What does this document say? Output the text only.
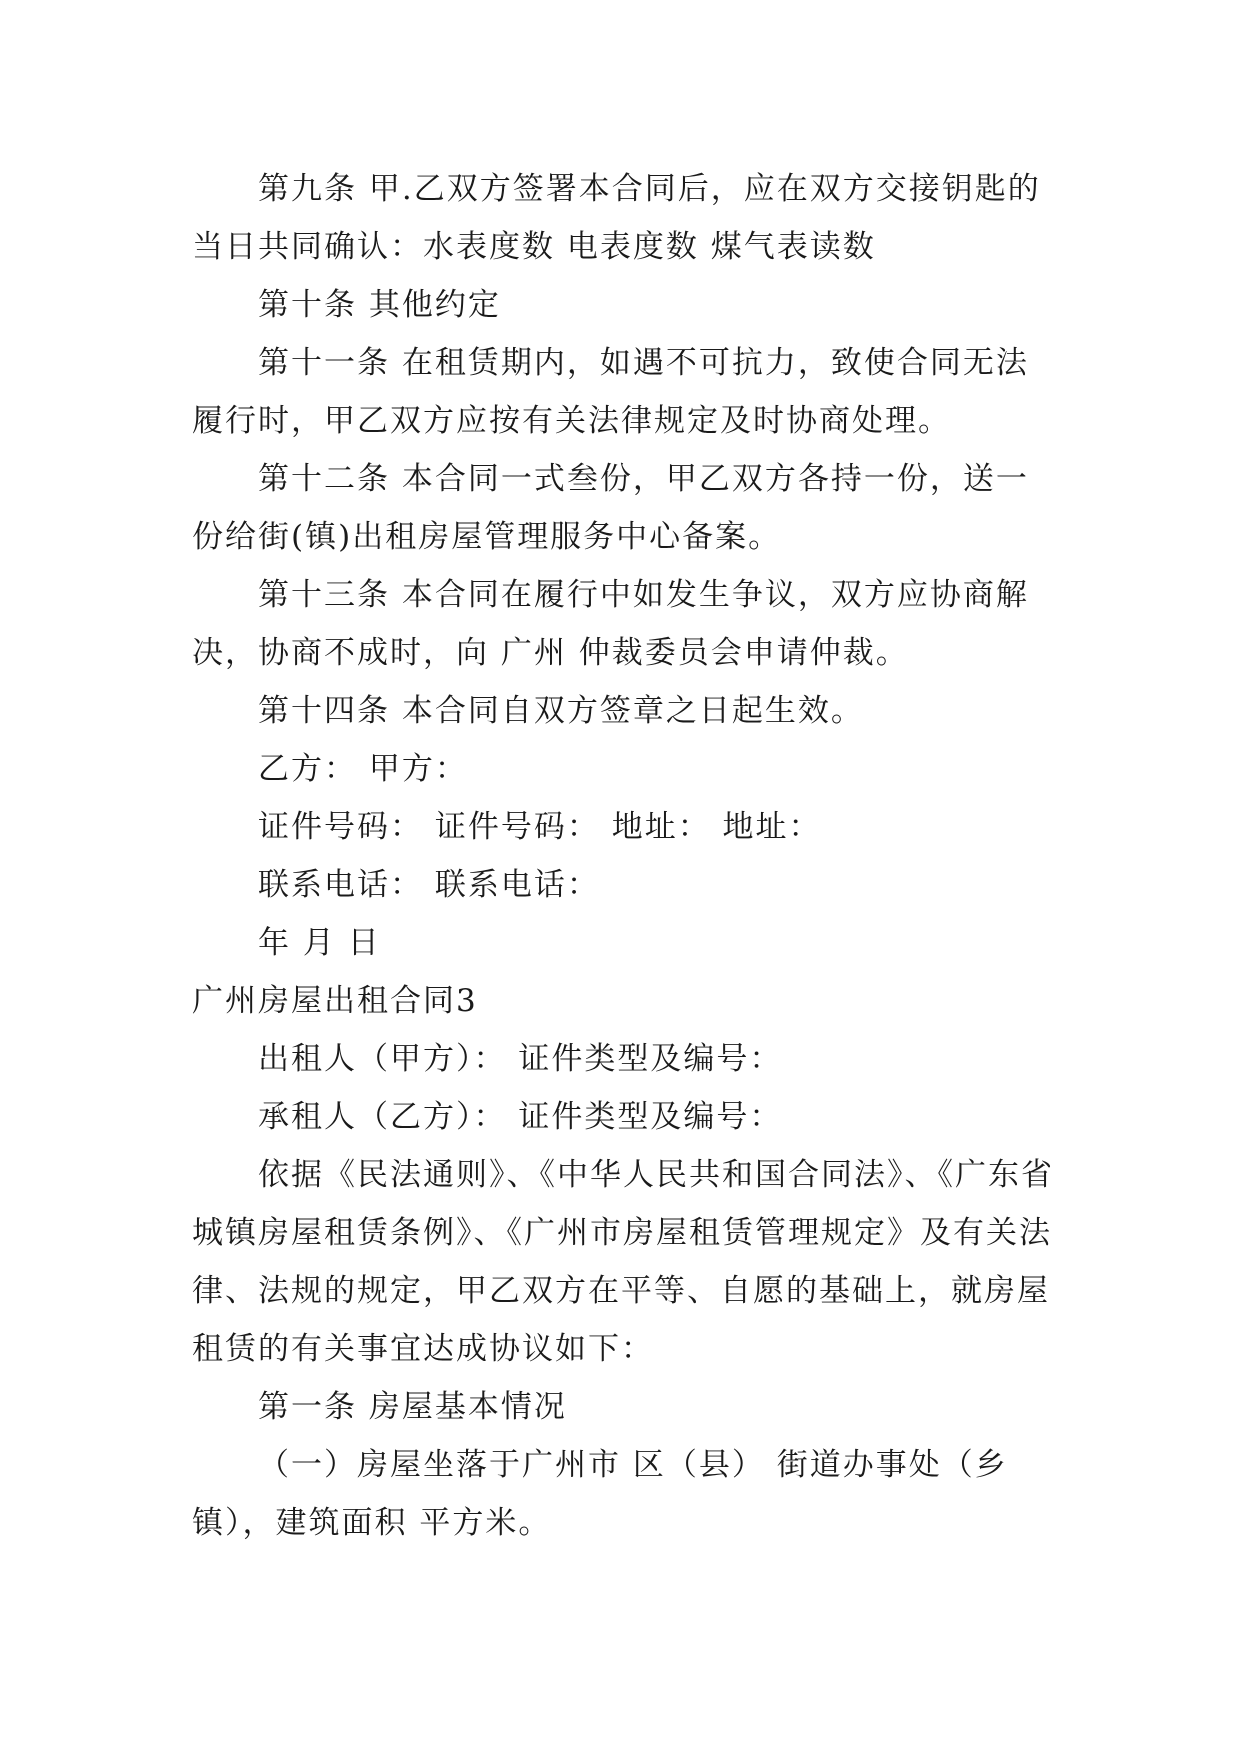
第九条 甲.乙双方签署本合同后，应在双方交接钥匙的
当日共同确认：水表度数 电表度数 煤气表读数
第十条 其他约定
第十一条 在租赁期内，如遇不可抗力，致使合同无法
履行时，甲乙双方应按有关法律规定及时协商处理。
第十二条 本合同一式叁份，甲乙双方各持一份，送一
份给街(镇)出租房屋管理服务中心备案。
第十三条 本合同在履行中如发生争议，双方应协商解
决，协商不成时，向 广州 仲裁委员会申请仲裁。
第十四条 本合同自双方签章之日起生效。
乙方： 甲方：
证件号码： 证件号码： 地址： 地址：
联系电话： 联系电话：
年 月 日
广州房屋出租合同3
出租人（甲方）： 证件类型及编号：
承租人（乙方）： 证件类型及编号：
依据《民法通则》、《中华人民共和国合同法》、《广东省
城镇房屋租赁条例》、《广州市房屋租赁管理规定》及有关法
律、法规的规定，甲乙双方在平等、自愿的基础上，就房屋
租赁的有关事宜达成协议如下：
第一条 房屋基本情况
（一）房屋坐落于广州市 区（县） 街道办事处（乡
镇），建筑面积 平方米。
